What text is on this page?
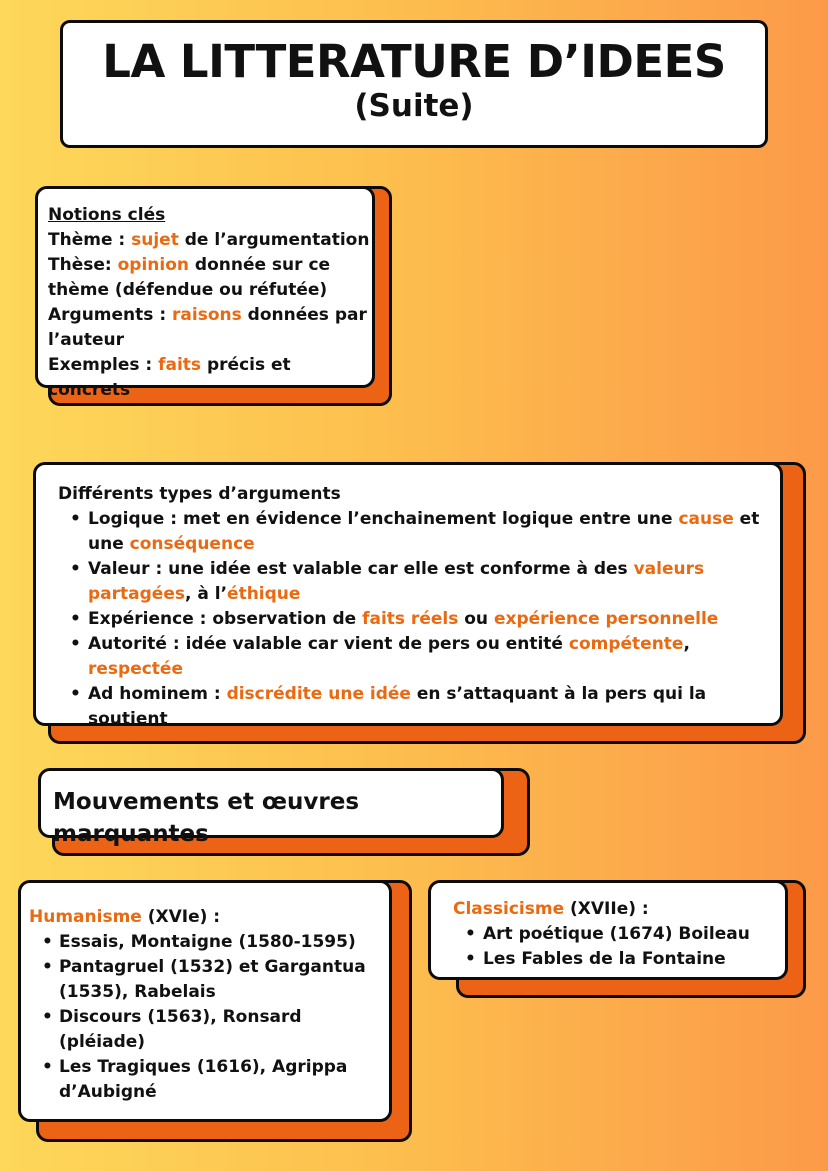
LA LITTERATURE D’IDEES
(Suite)
Notions clés
Thème : sujet de l’argumentation
Thèse: opinion donnée sur ce thème (défendue ou réfutée)
Arguments : raisons données par l’auteur
Exemples : faits précis et concrets
Différents types d’arguments
• Logique : met en évidence l’enchainement logique entre une cause et une conséquence
• Valeur : une idée est valable car elle est conforme à des valeurs partagées, à l’éthique
• Expérience : observation de faits réels ou expérience personnelle
• Autorité : idée valable car vient de pers ou entité compétente, respectée
• Ad hominem : discrédite une idée en s’attaquant à la pers qui la soutient
Mouvements et œuvres marquantes
Humanisme (XVIe) :
• Essais, Montaigne (1580-1595)
• Pantagruel (1532) et Gargantua (1535), Rabelais
• Discours (1563), Ronsard (pléiade)
• Les Tragiques (1616), Agrippa d’Aubigné
Classicisme (XVIIe) :
• Art poétique (1674) Boileau
• Les Fables de la Fontaine
